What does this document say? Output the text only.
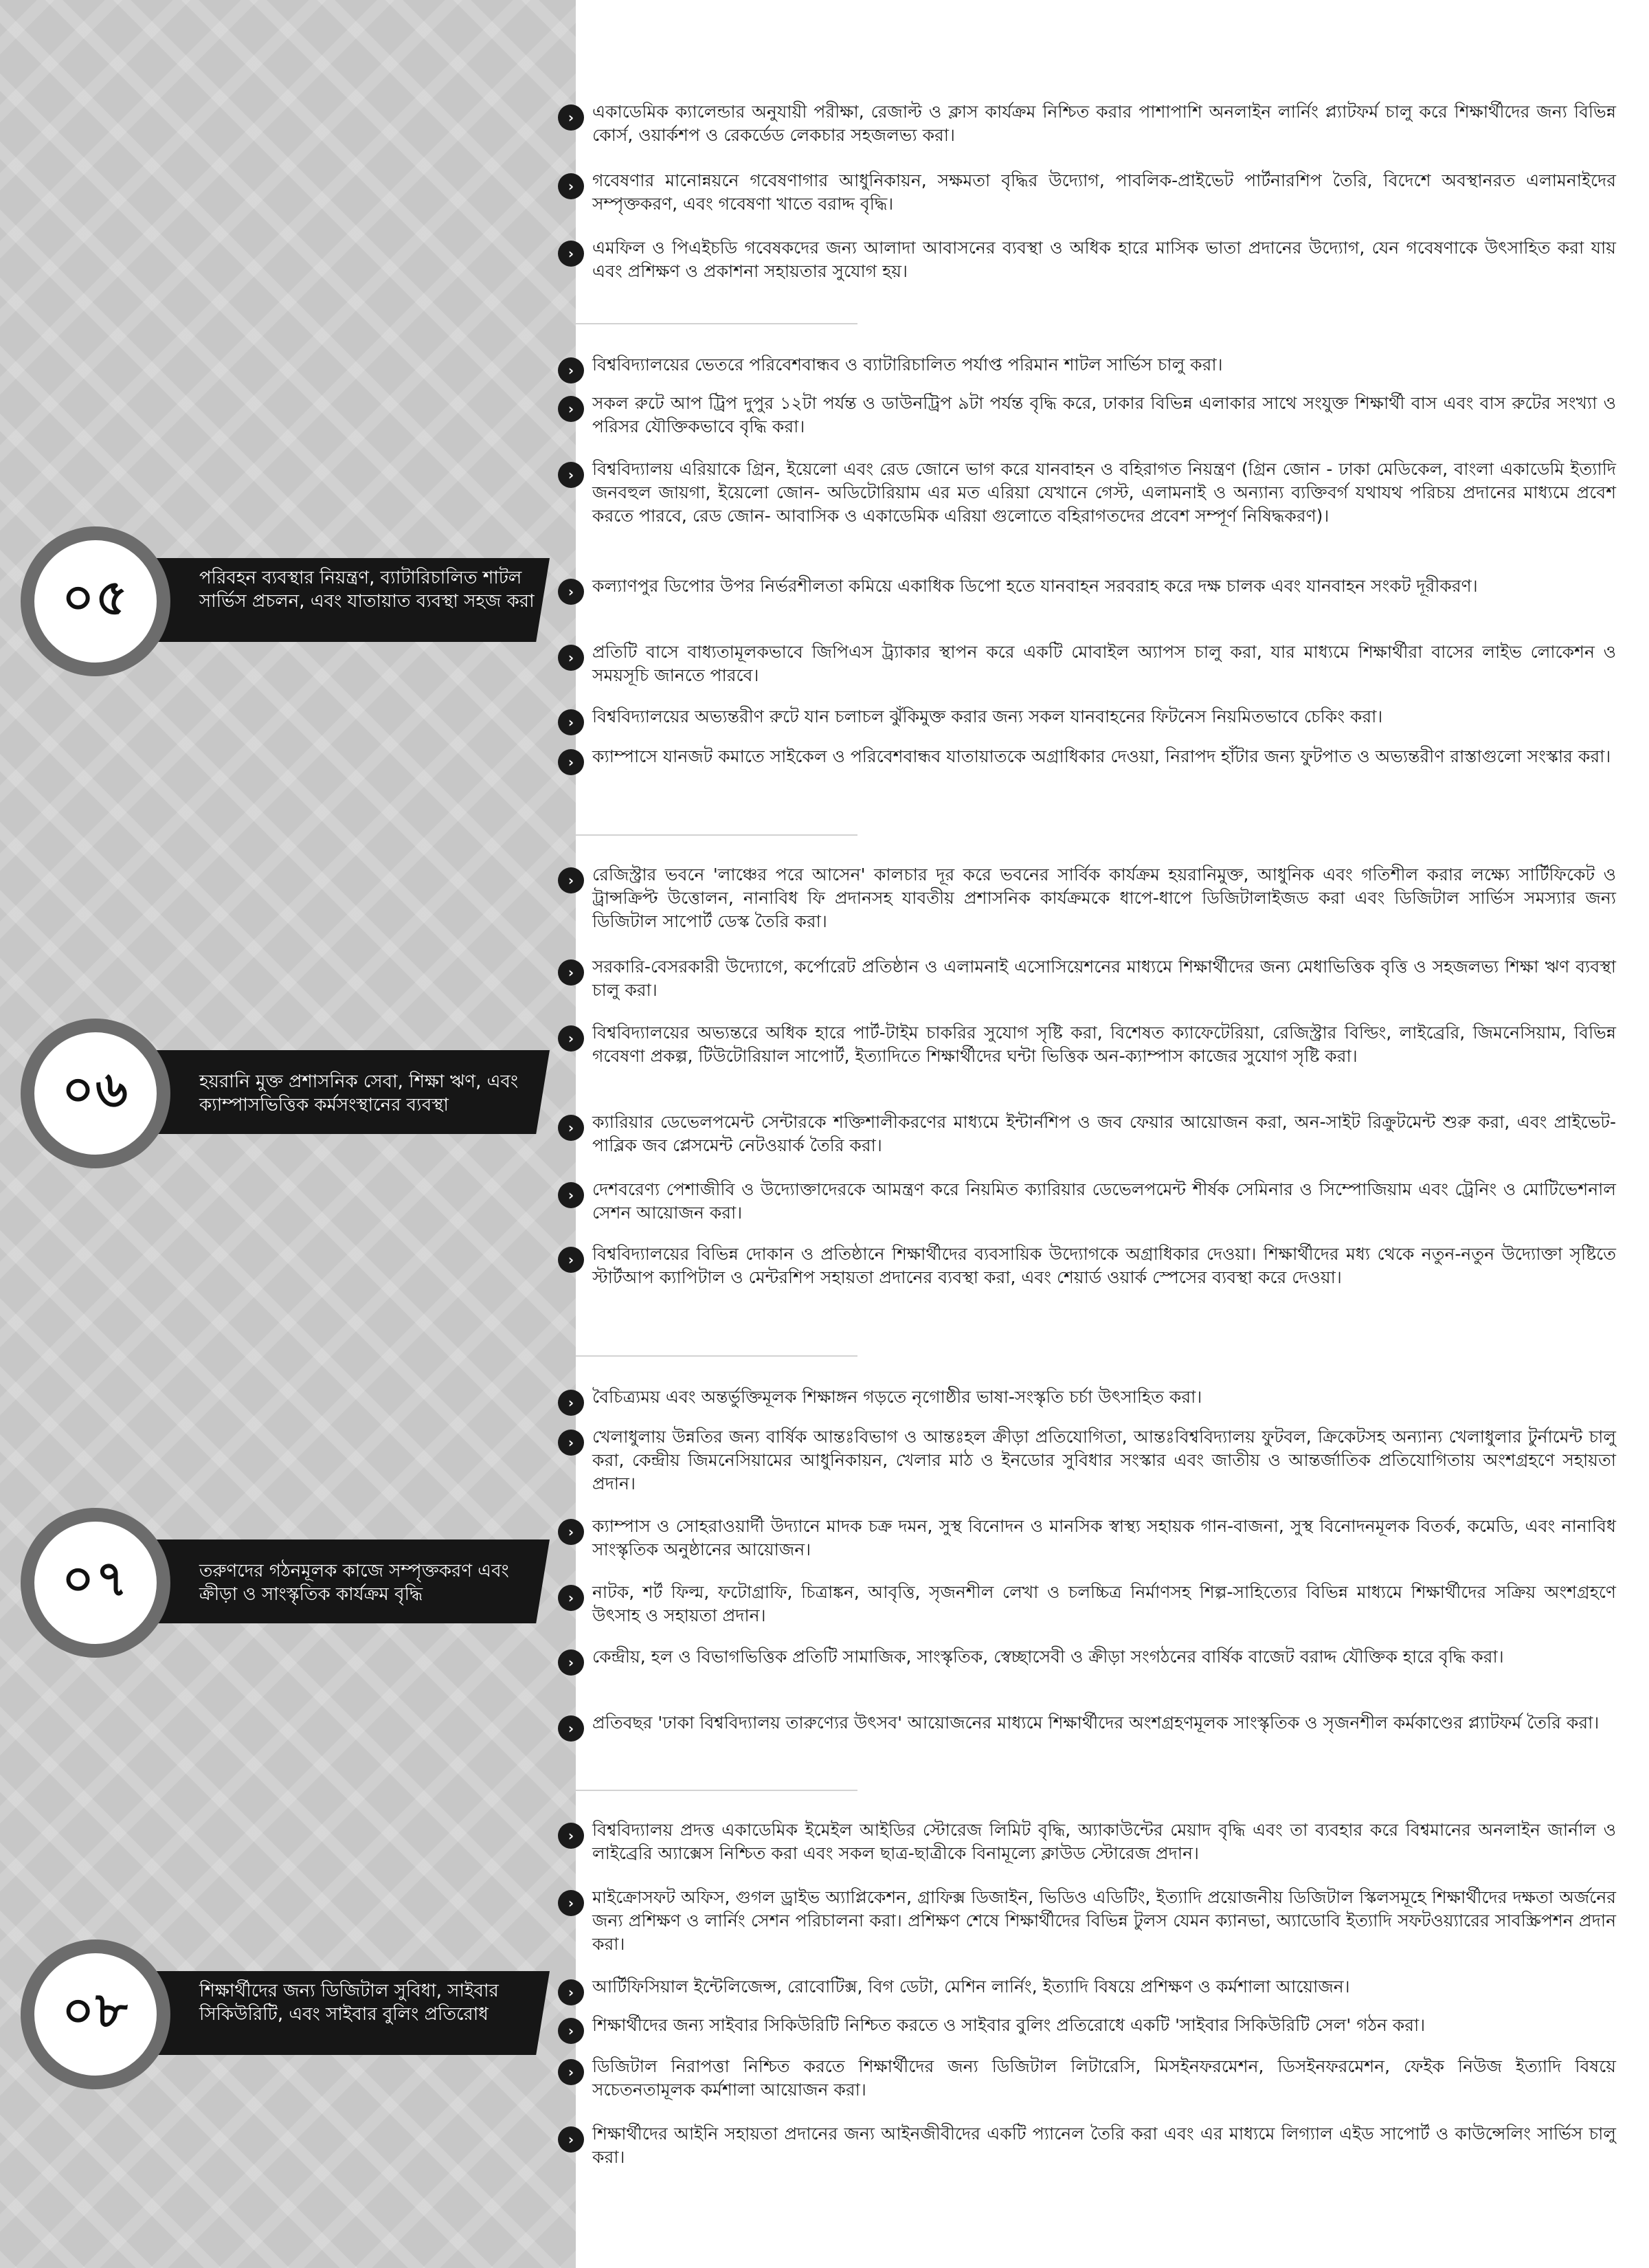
০৫	পরিবহন ব্যবস্থার নিয়ন্ত্রণ, ব্যাটারিচালিত শাটল সার্ভিস প্রচলন, এবং যাতায়াত ব্যবস্থা সহজ করা
০৬	হয়রানি মুক্ত প্রশাসনিক সেবা, শিক্ষা ঋণ, এবং ক্যাম্পাসভিত্তিক কর্মসংস্থানের ব্যবস্থা
০৭	তরুণদের গঠনমূলক কাজে সম্পৃক্তকরণ এবং ক্রীড়া ও সাংস্কৃতিক কার্যক্রম বৃদ্ধি
০৮	শিক্ষার্থীদের জন্য ডিজিটাল সুবিধা, সাইবার সিকিউরিটি, এবং সাইবার বুলিং প্রতিরোধ
›	একাডেমিক ক্যালেন্ডার অনুযায়ী পরীক্ষা, রেজাল্ট ও ক্লাস কার্যক্রম নিশ্চিত করার পাশাপাশি অনলাইন লার্নিং প্ল্যাটফর্ম চালু করে শিক্ষার্থীদের জন্য বিভিন্ন কোর্স, ওয়ার্কশপ ও রেকর্ডেড লেকচার সহজলভ্য করা।
›	গবেষণার মানোন্নয়নে গবেষণাগার আধুনিকায়ন, সক্ষমতা বৃদ্ধির উদ্যোগ, পাবলিক-প্রাইভেট পার্টনারশিপ তৈরি, বিদেশে অবস্থানরত এলামনাইদের সম্পৃক্তকরণ, এবং গবেষণা খাতে বরাদ্দ বৃদ্ধি।
›	এমফিল ও পিএইচডি গবেষকদের জন্য আলাদা আবাসনের ব্যবস্থা ও অধিক হারে মাসিক ভাতা প্রদানের উদ্যোগ, যেন গবেষণাকে উৎসাহিত করা যায় এবং প্রশিক্ষণ ও প্রকাশনা সহায়তার সুযোগ হয়।
›	বিশ্ববিদ্যালয়ের ভেতরে পরিবেশবান্ধব ও ব্যাটারিচালিত পর্যাপ্ত পরিমান শাটল সার্ভিস চালু করা।
›	সকল রুটে আপ ট্রিপ দুপুর ১২টা পর্যন্ত ও ডাউনট্রিপ ৯টা পর্যন্ত বৃদ্ধি করে, ঢাকার বিভিন্ন এলাকার সাথে সংযুক্ত শিক্ষার্থী বাস এবং বাস রুটের সংখ্যা ও পরিসর যৌক্তিকভাবে বৃদ্ধি করা।
›	বিশ্ববিদ্যালয় এরিয়াকে গ্রিন, ইয়েলো এবং রেড জোনে ভাগ করে যানবাহন ও বহিরাগত নিয়ন্ত্রণ (গ্রিন জোন - ঢাকা মেডিকেল, বাংলা একাডেমি ইত্যাদি জনবহুল জায়গা, ইয়েলো জোন- অডিটোরিয়াম এর মত এরিয়া যেখানে গেস্ট, এলামনাই ও অন্যান্য ব্যক্তিবর্গ যথাযথ পরিচয় প্রদানের মাধ্যমে প্রবেশ করতে পারবে, রেড জোন- আবাসিক ও একাডেমিক এরিয়া গুলোতে বহিরাগতদের প্রবেশ সম্পূর্ণ নিষিদ্ধকরণ)।
›	কল্যাণপুর ডিপোর উপর নির্ভরশীলতা কমিয়ে একাধিক ডিপো হতে যানবাহন সরবরাহ করে দক্ষ চালক এবং যানবাহন সংকট দূরীকরণ।
›	প্রতিটি বাসে বাধ্যতামূলকভাবে জিপিএস ট্র্যাকার স্থাপন করে একটি মোবাইল অ্যাপস চালু করা, যার মাধ্যমে শিক্ষার্থীরা বাসের লাইভ লোকেশন ও সময়সূচি জানতে পারবে।
›	বিশ্ববিদ্যালয়ের অভ্যন্তরীণ রুটে যান চলাচল ঝুঁকিমুক্ত করার জন্য সকল যানবাহনের ফিটনেস নিয়মিতভাবে চেকিং করা।
›	ক্যাম্পাসে যানজট কমাতে সাইকেল ও পরিবেশবান্ধব যাতায়াতকে অগ্রাধিকার দেওয়া, নিরাপদ হাঁটার জন্য ফুটপাত ও অভ্যন্তরীণ রাস্তাগুলো সংস্কার করা।
›	রেজিস্ট্রার ভবনে 'লাঞ্চের পরে আসেন' কালচার দূর করে ভবনের সার্বিক কার্যক্রম হয়রানিমুক্ত, আধুনিক এবং গতিশীল করার লক্ষ্যে সার্টিফিকেট ও ট্রান্সক্রিপ্ট উত্তোলন, নানাবিধ ফি প্রদানসহ যাবতীয় প্রশাসনিক কার্যক্রমকে ধাপে-ধাপে ডিজিটালাইজড করা এবং ডিজিটাল সার্ভিস সমস্যার জন্য ডিজিটাল সাপোর্ট ডেস্ক তৈরি করা।
›	সরকারি-বেসরকারী উদ্যোগে, কর্পোরেট প্রতিষ্ঠান ও এলামনাই এসোসিয়েশনের মাধ্যমে শিক্ষার্থীদের জন্য মেধাভিত্তিক বৃত্তি ও সহজলভ্য শিক্ষা ঋণ ব্যবস্থা চালু করা।
›	বিশ্ববিদ্যালয়ের অভ্যন্তরে অধিক হারে পার্ট-টাইম চাকরির সুযোগ সৃষ্টি করা, বিশেষত ক্যাফেটেরিয়া, রেজিস্ট্রার বিল্ডিং, লাইব্রেরি, জিমনেসিয়াম, বিভিন্ন গবেষণা প্রকল্প, টিউটোরিয়াল সাপোর্ট, ইত্যাদিতে শিক্ষার্থীদের ঘন্টা ভিত্তিক অন-ক্যাম্পাস কাজের সুযোগ সৃষ্টি করা।
›	ক্যারিয়ার ডেভেলপমেন্ট সেন্টারকে শক্তিশালীকরণের মাধ্যমে ইন্টার্নশিপ ও জব ফেয়ার আয়োজন করা, অন-সাইট রিক্রুটমেন্ট শুরু করা, এবং প্রাইভেট-পাব্লিক জব প্লেসমেন্ট নেটওয়ার্ক তৈরি করা।
›	দেশবরেণ্য পেশাজীবি ও উদ্যোক্তাদেরকে আমন্ত্রণ করে নিয়মিত ক্যারিয়ার ডেভেলপমেন্ট শীর্ষক সেমিনার ও সিম্পোজিয়াম এবং ট্রেনিং ও মোটিভেশনাল সেশন আয়োজন করা।
›	বিশ্ববিদ্যালয়ের বিভিন্ন দোকান ও প্রতিষ্ঠানে শিক্ষার্থীদের ব্যবসায়িক উদ্যোগকে অগ্রাধিকার দেওয়া। শিক্ষার্থীদের মধ্য থেকে নতুন-নতুন উদ্যোক্তা সৃষ্টিতে স্টার্টআপ ক্যাপিটাল ও মেন্টরশিপ সহায়তা প্রদানের ব্যবস্থা করা, এবং শেয়ার্ড ওয়ার্ক স্পেসের ব্যবস্থা করে দেওয়া।
›	বৈচিত্র্যময় এবং অন্তর্ভুক্তিমূলক শিক্ষাঙ্গন গড়তে নৃগোষ্ঠীর ভাষা-সংস্কৃতি চর্চা উৎসাহিত করা।
›	খেলাধুলায় উন্নতির জন্য বার্ষিক আন্তঃবিভাগ ও আন্তঃহল ক্রীড়া প্রতিযোগিতা, আন্তঃবিশ্ববিদ্যালয় ফুটবল, ক্রিকেটসহ অন্যান্য খেলাধুলার টুর্নামেন্ট চালু করা, কেন্দ্রীয় জিমনেসিয়ামের আধুনিকায়ন, খেলার মাঠ ও ইনডোর সুবিধার সংস্কার এবং জাতীয় ও আন্তর্জাতিক প্রতিযোগিতায় অংশগ্রহণে সহায়তা প্রদান।
›	ক্যাম্পাস ও সোহরাওয়ার্দী উদ্যানে মাদক চক্র দমন, সুস্থ বিনোদন ও মানসিক স্বাস্থ্য সহায়ক গান-বাজনা, সুস্থ বিনোদনমূলক বিতর্ক, কমেডি, এবং নানাবিধ সাংস্কৃতিক অনুষ্ঠানের আয়োজন।
›	নাটক, শর্ট ফিল্ম, ফটোগ্রাফি, চিত্রাঙ্কন, আবৃত্তি, সৃজনশীল লেখা ও চলচ্চিত্র নির্মাণসহ শিল্প-সাহিত্যের বিভিন্ন মাধ্যমে শিক্ষার্থীদের সক্রিয় অংশগ্রহণে উৎসাহ ও সহায়তা প্রদান।
›	কেন্দ্রীয়, হল ও বিভাগভিত্তিক প্রতিটি সামাজিক, সাংস্কৃতিক, স্বেচ্ছাসেবী ও ক্রীড়া সংগঠনের বার্ষিক বাজেট বরাদ্দ যৌক্তিক হারে বৃদ্ধি করা।
›	প্রতিবছর 'ঢাকা বিশ্ববিদ্যালয় তারুণ্যের উৎসব' আয়োজনের মাধ্যমে শিক্ষার্থীদের অংশগ্রহণমূলক সাংস্কৃতিক ও সৃজনশীল কর্মকাণ্ডের প্ল্যাটফর্ম তৈরি করা।
›	বিশ্ববিদ্যালয় প্রদত্ত একাডেমিক ইমেইল আইডির স্টোরেজ লিমিট বৃদ্ধি, অ্যাকাউন্টের মেয়াদ বৃদ্ধি এবং তা ব্যবহার করে বিশ্বমানের অনলাইন জার্নাল ও লাইব্রেরি অ্যাক্সেস নিশ্চিত করা এবং সকল ছাত্র-ছাত্রীকে বিনামূল্যে ক্লাউড স্টোরেজ প্রদান।
›	মাইক্রোসফট অফিস, গুগল ড্রাইভ অ্যাপ্লিকেশন, গ্রাফিক্স ডিজাইন, ভিডিও এডিটিং, ইত্যাদি প্রয়োজনীয় ডিজিটাল স্কিলসমূহে শিক্ষার্থীদের দক্ষতা অর্জনের জন্য প্রশিক্ষণ ও লার্নিং সেশন পরিচালনা করা। প্রশিক্ষণ শেষে শিক্ষার্থীদের বিভিন্ন টুলস যেমন ক্যানভা, অ্যাডোবি ইত্যাদি সফটওয়্যারের সাবস্ক্রিপশন প্রদান করা।
›	আর্টিফিসিয়াল ইন্টেলিজেন্স, রোবোটিক্স, বিগ ডেটা, মেশিন লার্নিং, ইত্যাদি বিষয়ে প্রশিক্ষণ ও কর্মশালা আয়োজন।
›	শিক্ষার্থীদের জন্য সাইবার সিকিউরিটি নিশ্চিত করতে ও সাইবার বুলিং প্রতিরোধে একটি 'সাইবার সিকিউরিটি সেল' গঠন করা।
›	ডিজিটাল নিরাপত্তা নিশ্চিত করতে শিক্ষার্থীদের জন্য ডিজিটাল লিটারেসি, মিসইনফরমেশন, ডিসইনফরমেশন, ফেইক নিউজ ইত্যাদি বিষয়ে সচেতনতামূলক কর্মশালা আয়োজন করা।
›	শিক্ষার্থীদের আইনি সহায়তা প্রদানের জন্য আইনজীবীদের একটি প্যানেল তৈরি করা এবং এর মাধ্যমে লিগ্যাল এইড সাপোর্ট ও কাউন্সেলিং সার্ভিস চালু করা।
